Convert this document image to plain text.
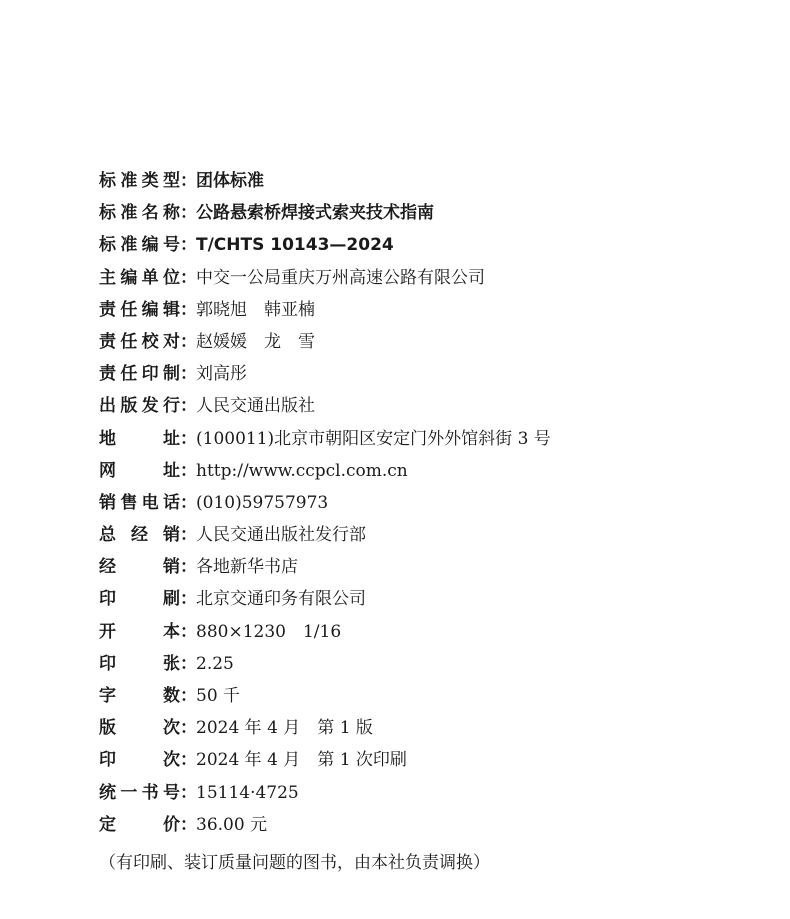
标准类型 ： 团体标准
标准名称 ： 公路悬索桥焊接式索夹技术指南
标准编号 ： T/CHTS 10143—2024
主编单位 ： 中交一公局重庆万州高速公路有限公司
责任编辑 ： 郭晓旭　韩亚楠
责任校对 ： 赵媛媛　龙　雪
责任印制 ： 刘高彤
出版发行 ： 人民交通出版社
地　　址 ： (100011)北京市朝阳区安定门外外馆斜街 3 号
网　　址 ： http://www.ccpcl.com.cn
销售电话 ： (010)59757973
总 经 销 ： 人民交通出版社发行部
经　　销 ： 各地新华书店
印　　刷 ： 北京交通印务有限公司
开　　本 ： 880×1230　1/16
印　　张 ： 2.25
字　　数 ： 50 千
版　　次 ： 2024 年 4 月　第 1 版
印　　次 ： 2024 年 4 月　第 1 次印刷
统一书号 ： 15114·4725
定　　价 ： 36.00 元
（有印刷、装订质量问题的图书，由本社负责调换）
